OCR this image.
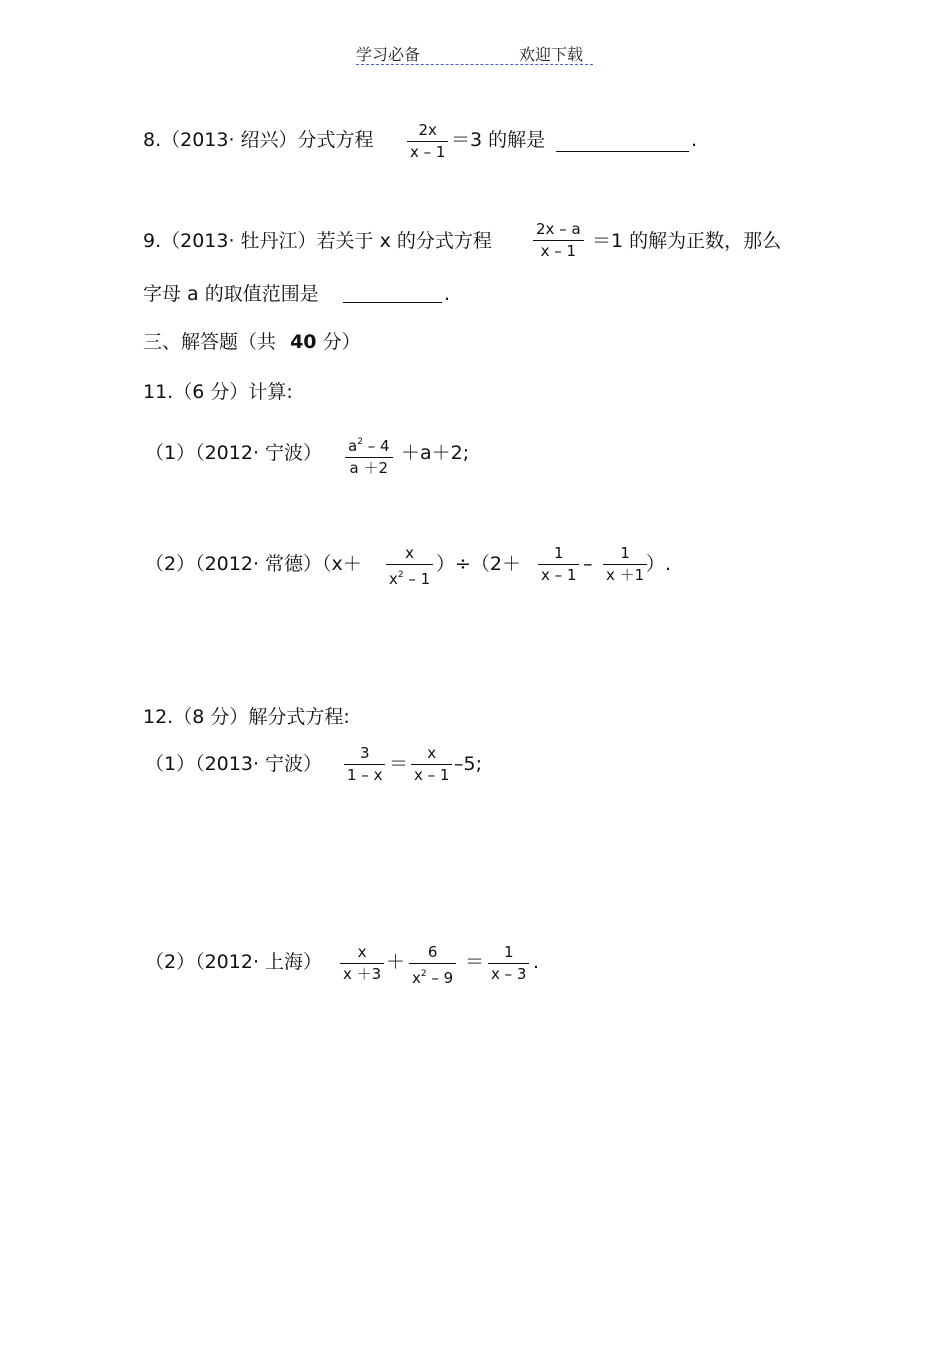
学习必备	欢迎下载
8.（2013· 绍兴）分式方程	2x
x – 1
＝3 的解是	.
9.（2013· 牡丹江）若关于 x 的分式方程
2x – a
x – 1 ＝1 的解为正数，那么
字母 a 的取值范围是	.
三、解答题（共 40 分）
11.（6 分）计算:
（1）（2012· 宁波） $a^2 - 4$
a ＋2
＋a＋2;
（2）（2012· 常德）（x＋	x
$x^2 - 1$
）÷（2＋ 1
x – 1
– 1
x ＋1
）.
12.（8 分）解分式方程:
（1）（2013· 宁波）	3
1 – x
＝ x
x – 1
–5;
（2）（2012· 上海） x
x ＋3
＋ 6
$x^2 - 9$
＝ 1
x – 3
.
